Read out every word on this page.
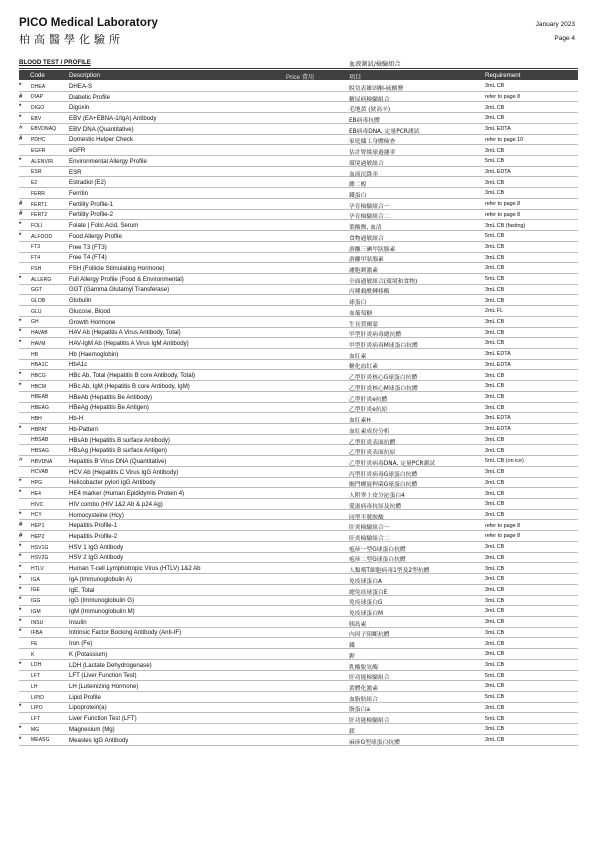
PICO Medical Laboratory
柏高醫學化驗所
January 2023
Page 4
BLOOD TEST / PROFILE	血液測試/檢驗組合
Code	Description	Price 費用	項目	Requirement
*	DHEA	DHEA-S	脫氫表雄固酮-硫酸鹽	3mL CB
#	DIAP	Diabetic Profile	糖尿病檢驗組合	refer to page 8
*	DIGO	Digoxin	毛地黃 (狄高辛)	3mL CB
*	EBV	EBV (EA+EBNA-1/IgA) Antibody	EB病毒抗體	3mL CB
^	EBVDNAQ EBV DNA (Quantitative)	EB病毒DNA, 定量PCR測試	3mL EDTA
#	PDHC	Domestic Helper Check	家庭傭工身體檢查	refer to page 10
EGFR	eGFR	估計腎絲球過濾率	3mL CB
*	ALENVIR	Environmental Allergy Profile	環境過敏組合	5mL CB
ESR	ESR	血液沉降率	3mL EDTA
E2	Estradiol (E2)	雌二醇	3mL CB
FERR	Ferritin	鐵蛋白	3mL CB
#	FERT1	Fertility Profile-1	孕育檢驗組合一	refer to page 8
#	FERT2	Fertility Profile-2	孕育檢驗組合二	refer to page 8
*	FOLI	Folate | Folic Acid, Serum	葉酸鹽, 血清	3mL CB (fasting)
*	ALFOOD	Food Allergy Profile	食物過敏組合	5mL CB
FT3	Free T3 (FT3)	游離三碘甲狀腺素	3mL CB
FT4	Free T4 (FT4)	游離甲狀腺素	3mL CB
FSH	FSH (Follicle Stimulating Hormone)	濾胞刺激素	3mL CB
*	ALLERG	Full Allergy Profile (Food & Environmental)	全面過敏組合(環境和食物)	5mL CB
GGT	GGT (Gamma Glutamyl Transferase)	丙種穀酰轉移酶	3mL CB
GLOB	Globulin	球蛋白	3mL CB
GLU	Glucose, Blood	血葡萄糖	2mL FL
*	GH	Growth Hormone	生長賀爾蒙	3mL CB
*	HAVAB	HAV Ab (Hepatitis A Virus Antibody, Total)	甲型肝炎病毒總抗體	3mL CB
*	HAVM	HAV-IgM Ab (Hepatitis A Virus IgM Antibody)	甲型肝炎病毒M球蛋白抗體	3mL CB
HB	Hb (Haemoglobin)	血紅素	3mL EDTA
HBA1C	HbA1c	糖化血紅素	3mL EDTA
*	HBCG	HBc Ab, Total (Hepatitis B core Antibody, Total)	乙型肝炎核心G球蛋白抗體	3mL CB
*	HBCM	HBc Ab, IgM (Hepatitis B core Antibody, IgM)	乙型肝炎核心M球蛋白抗體	3mL CB
HBEAB	HBeAb (Hepatitis Be Antibody)	乙型肝炎e抗體	3mL CB
HBEAG	HBeAg (Hepatitis Be Antigen)	乙型肝炎e抗原	3mL CB
HBH	Hb-H	血紅素H	3mL EDTA
*	HBPAT	Hb-Pattern	血紅素成份分析	3mL EDTA
HBSAB	HBsAb (Hepatitis B surface Antibody)	乙型肝炎表面抗體	3mL CB
HBSAG	HBsAg (Hepatitis B surface Antigen)	乙型肝炎表面抗原	3mL CB
^	HBVDNA	Hepatitis B Virus DNA (Quantitative)	乙型肝炎病毒DNA, 定量PCR測試	5mL CB (on ice)
HCVAB	HCV Ab (Hepatitis C Virus IgG Antibody)	丙型肝炎病毒G球蛋白抗體	3mL CB
*	HPG	Helicobacter pylori IgG Antibody	幽門螺旋桿菌G球蛋白抗體	3mL CB
*	HE4	HE4 marker (Human Epididymis Protein 4)	人附睾上皮分泌蛋白4	3mL CB
HIVC	HIV combo (HIV 1&2 Ab & p24 Ag)	愛滋病毒抗原及抗體	3mL CB
*	HCY	Homocysteine (Hcy)	同型半胱胺酸	3mL CB
#	HEP1	Hepatitis Profile-1	肝炎檢驗組合一	refer to page 8
#	HEP2	Hepatitis Profile-2	肝炎檢驗組合二	refer to page 8
*	HSV1G	HSV 1 IgG Antibody	疱疹一型G球蛋白抗體	3mL CB
*	HSV2G	HSV 2 IgG Antibody	疱疹二型G球蛋白抗體	3mL CB
*	HTLV	Human T-cell Lymphotropic Virus (HTLV) 1&2 Ab	人類嗜T細胞病毒1型及2型抗體	3mL CB
*	IGA	IgA (Immunoglobulin A)	免疫球蛋白A	3mL CB
*	IGE	IgE, Total	總免疫球蛋白E	3mL CB
*	IGG	IgG (Immunoglobulin G)	免疫球蛋白G	3mL CB
*	IGM	IgM (Immunoglobulin M)	免疫球蛋白M	3mL CB
*	INSU	Insulin	胰島素	3mL CB
*	IFBA	Intrinsic Factor Bocking Antibody (Anti-IF)	內因子阻斷抗體	3mL CB
FE	Iron (Fe)	鐵	3mL CB
K	K (Potassium)	鉀	3mL CB
*	LDH	LDH (Lactate Dehydrogenase)	乳酸脫氫酶	3mL CB
LFT	LFT (Liver Function Test)	肝功能檢驗組合	5mL CB
LH	LH (Luteinizing Hormone)	黃體化激素	3mL CB
LIPID	Lipid Profile	血脂肪組合	5mL CB
*	LIPO	Lipoprotein(a)	脂蛋白a	3mL CB
LFT	Liver Function Test (LFT)	肝功能檢驗組合	5mL CB
*	MG	Magnesium (Mg)	鎂	3mL CB
*	MEASG	Measles IgG Antibody	麻疹G型球蛋白抗體	3mL CB
